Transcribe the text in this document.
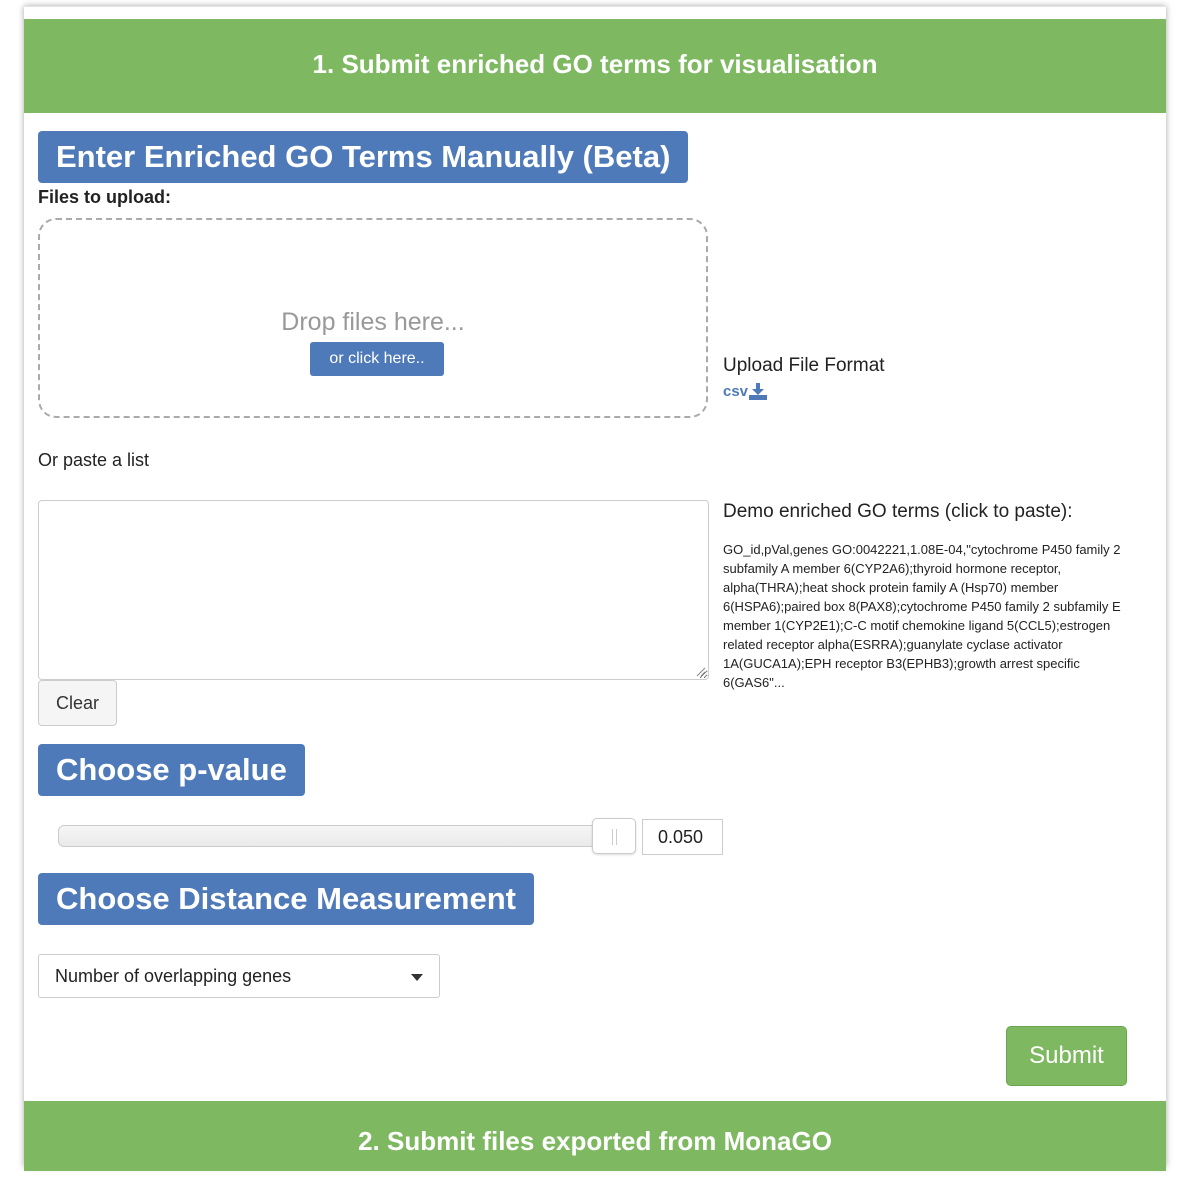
1. Submit enriched GO terms for visualisation
Enter Enriched GO Terms Manually (Beta)
Files to upload:
Drop files here...
or click here..	Upload File Format
csv
Or paste a list
Clear
Demo enriched GO terms (click to paste):
GO_id,pVal,genes GO:0042221,1.08E-04,"cytochrome P450 family 2 subfamily A member 6(CYP2A6);thyroid hormone receptor, alpha(THRA);heat shock protein family A (Hsp70) member 6(HSPA6);paired box 8(PAX8);cytochrome P450 family 2 subfamily E member 1(CYP2E1);C-C motif chemokine ligand 5(CCL5);estrogen related receptor alpha(ESRRA);guanylate cyclase activator 1A(GUCA1A);EPH receptor B3(EPHB3);growth arrest specific 6(GAS6"...
Choose p-value
0.050
Choose Distance Measurement
Number of overlapping genes
Submit
2. Submit files exported from MonaGO
